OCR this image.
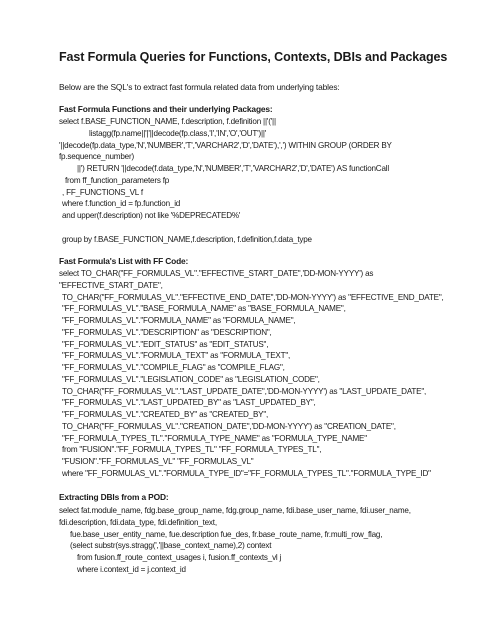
Fast Formula Queries for Functions, Contexts, DBIs and Packages
Below are the SQL's to extract fast formula related data from underlying tables:
Fast Formula Functions and their underlying Packages:
select f.BASE_FUNCTION_NAME, f.description, f.definition ||'('||
listagg(fp.name||'|'||decode(fp.class,'I','IN','O','OUT')||'
'||decode(fp.data_type,'N','NUMBER','T','VARCHAR2','D','DATE'),',') WITHIN GROUP (ORDER BY
fp.sequence_number)
||') RETURN '||decode(f.data_type,'N','NUMBER','T','VARCHAR2','D','DATE') AS functionCall
from ff_function_parameters fp
, FF_FUNCTIONS_VL f
where f.function_id = fp.function_id
and upper(f.description) not like '%DEPRECATED%'
group by f.BASE_FUNCTION_NAME,f.description, f.definition,f.data_type
Fast Formula's List with FF Code:
select TO_CHAR("FF_FORMULAS_VL"."EFFECTIVE_START_DATE",'DD-MON-YYYY') as
"EFFECTIVE_START_DATE",
TO_CHAR("FF_FORMULAS_VL"."EFFECTIVE_END_DATE",'DD-MON-YYYY') as "EFFECTIVE_END_DATE",
"FF_FORMULAS_VL"."BASE_FORMULA_NAME" as "BASE_FORMULA_NAME",
"FF_FORMULAS_VL"."FORMULA_NAME" as "FORMULA_NAME",
"FF_FORMULAS_VL"."DESCRIPTION" as "DESCRIPTION",
"FF_FORMULAS_VL"."EDIT_STATUS" as "EDIT_STATUS",
"FF_FORMULAS_VL"."FORMULA_TEXT" as "FORMULA_TEXT",
"FF_FORMULAS_VL"."COMPILE_FLAG" as "COMPILE_FLAG",
"FF_FORMULAS_VL"."LEGISLATION_CODE" as "LEGISLATION_CODE",
TO_CHAR("FF_FORMULAS_VL"."LAST_UPDATE_DATE",'DD-MON-YYYY') as "LAST_UPDATE_DATE",
"FF_FORMULAS_VL"."LAST_UPDATED_BY" as "LAST_UPDATED_BY",
"FF_FORMULAS_VL"."CREATED_BY" as "CREATED_BY",
TO_CHAR("FF_FORMULAS_VL"."CREATION_DATE",'DD-MON-YYYY') as "CREATION_DATE",
"FF_FORMULA_TYPES_TL"."FORMULA_TYPE_NAME" as "FORMULA_TYPE_NAME"
from "FUSION"."FF_FORMULA_TYPES_TL" "FF_FORMULA_TYPES_TL",
"FUSION"."FF_FORMULAS_VL" "FF_FORMULAS_VL"
where "FF_FORMULAS_VL"."FORMULA_TYPE_ID"="FF_FORMULA_TYPES_TL"."FORMULA_TYPE_ID"
Extracting DBIs from a POD:
select fat.module_name, fdg.base_group_name, fdg.group_name, fdi.base_user_name, fdi.user_name,
fdi.description, fdi.data_type, fdi.definition_text,
fue.base_user_entity_name, fue.description fue_des, fr.base_route_name, fr.multi_row_flag,
(select substr(sys.stragg(','||base_context_name),2) context
from fusion.ff_route_context_usages i, fusion.ff_contexts_vl j
where i.context_id = j.context_id
